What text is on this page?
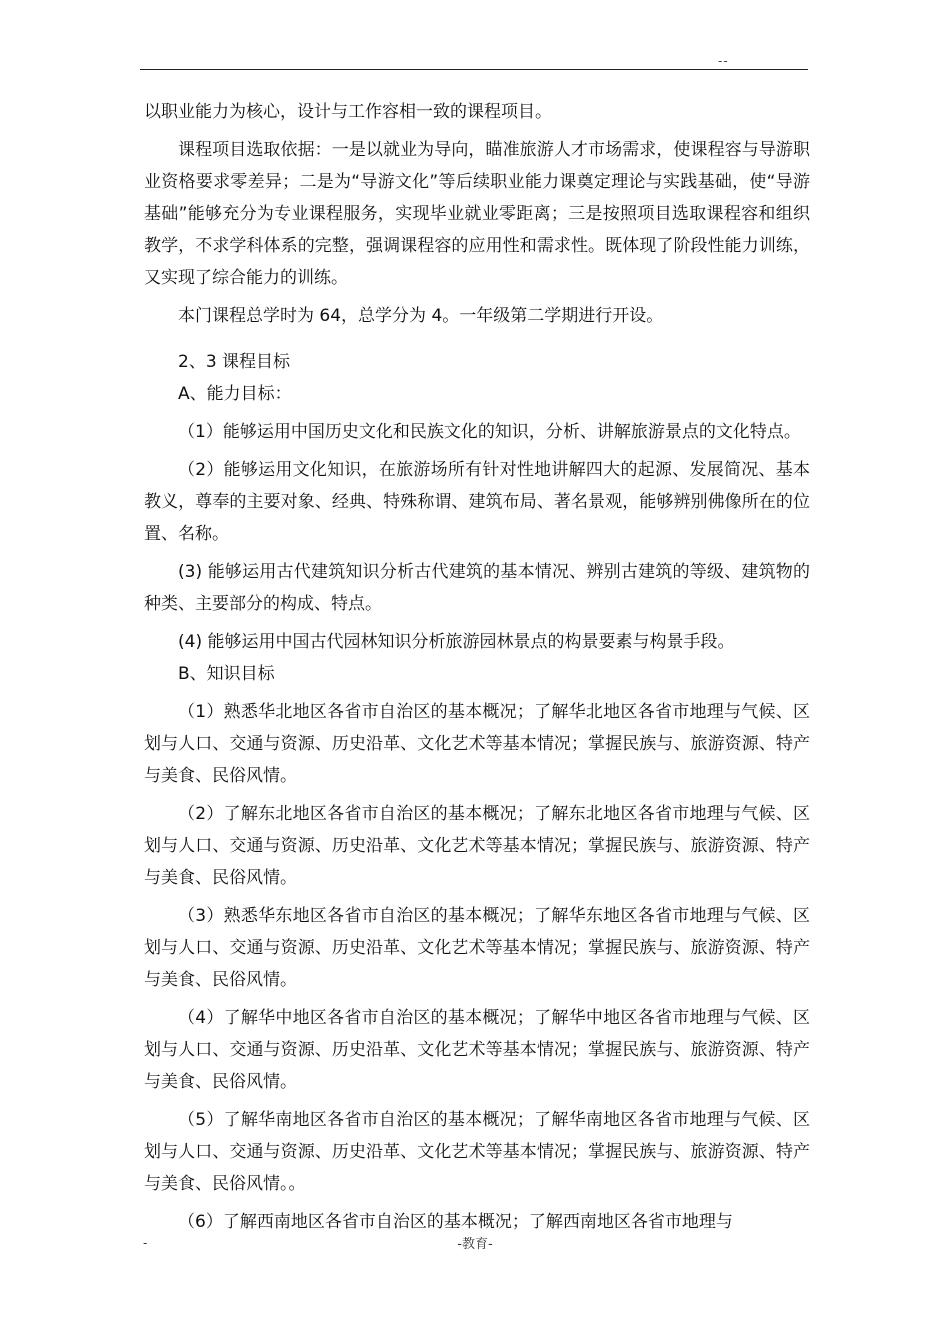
--

以职业能力为核心，设计与工作容相一致的课程项目。

课程项目选取依据：一是以就业为导向，瞄准旅游人才市场需求，使课程容与导游职业资格要求零差异；二是为“导游文化”等后续职业能力课奠定理论与实践基础，使“导游基础”能够充分为专业课程服务，实现毕业就业零距离；三是按照项目选取课程容和组织教学，不求学科体系的完整，强调课程容的应用性和需求性。既体现了阶段性能力训练，又实现了综合能力的训练。

本门课程总学时为 64，总学分为 4。一年级第二学期进行开设。

2、3 课程目标

A、能力目标：

（1）能够运用中国历史文化和民族文化的知识，分析、讲解旅游景点的文化特点。

（2）能够运用文化知识，在旅游场所有针对性地讲解四大的起源、发展简况、基本教义，尊奉的主要对象、经典、特殊称谓、建筑布局、著名景观，能够辨别佛像所在的位置、名称。

(3) 能够运用古代建筑知识分析古代建筑的基本情况、辨别古建筑的等级、建筑物的种类、主要部分的构成、特点。

(4) 能够运用中国古代园林知识分析旅游园林景点的构景要素与构景手段。

B、知识目标

（1）熟悉华北地区各省市自治区的基本概况；了解华北地区各省市地理与气候、区划与人口、交通与资源、历史沿革、文化艺术等基本情况；掌握民族与、旅游资源、特产与美食、民俗风情。

（2）了解东北地区各省市自治区的基本概况；了解东北地区各省市地理与气候、区划与人口、交通与资源、历史沿革、文化艺术等基本情况；掌握民族与、旅游资源、特产与美食、民俗风情。

（3）熟悉华东地区各省市自治区的基本概况；了解华东地区各省市地理与气候、区划与人口、交通与资源、历史沿革、文化艺术等基本情况；掌握民族与、旅游资源、特产与美食、民俗风情。

（4）了解华中地区各省市自治区的基本概况；了解华中地区各省市地理与气候、区划与人口、交通与资源、历史沿革、文化艺术等基本情况；掌握民族与、旅游资源、特产与美食、民俗风情。

（5）了解华南地区各省市自治区的基本概况；了解华南地区各省市地理与气候、区划与人口、交通与资源、历史沿革、文化艺术等基本情况；掌握民族与、旅游资源、特产与美食、民俗风情。。

（6）了解西南地区各省市自治区的基本概况；了解西南地区各省市地理与

-	-教育-
